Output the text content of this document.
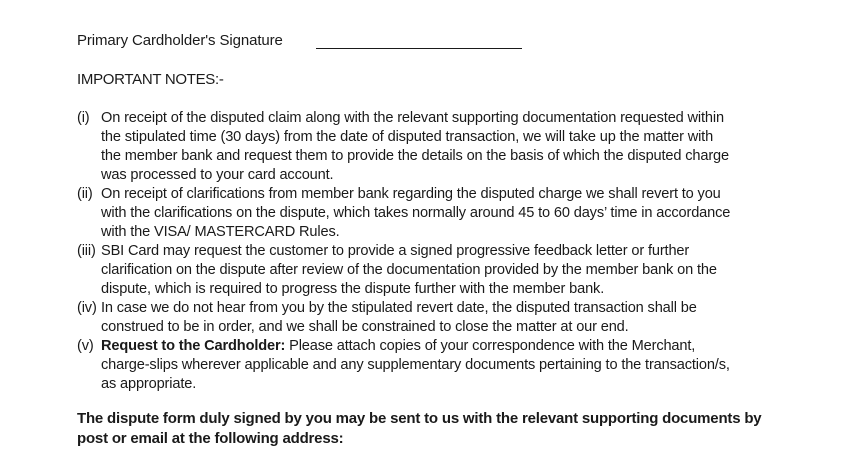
Primary Cardholder's Signature
IMPORTANT NOTES:-
(i) On receipt of the disputed claim along with the relevant supporting documentation requested within
the stipulated time (30 days) from the date of disputed transaction, we will take up the matter with
the member bank and request them to provide the details on the basis of which the disputed charge
was processed to your card account.
(ii) On receipt of clarifications from member bank regarding the disputed charge we shall revert to you
with the clarifications on the dispute, which takes normally around 45 to 60 days’ time in accordance
with the VISA/ MASTERCARD Rules.
(iii) SBI Card may request the customer to provide a signed progressive feedback letter or further
clarification on the dispute after review of the documentation provided by the member bank on the
dispute, which is required to progress the dispute further with the member bank.
(iv) In case we do not hear from you by the stipulated revert date, the disputed transaction shall be
construed to be in order, and we shall be constrained to close the matter at our end.
(v) Request to the Cardholder: Please attach copies of your correspondence with the Merchant,
charge-slips wherever applicable and any supplementary documents pertaining to the transaction/s,
as appropriate.
The dispute form duly signed by you may be sent to us with the relevant supporting documents by
post or email at the following address:
